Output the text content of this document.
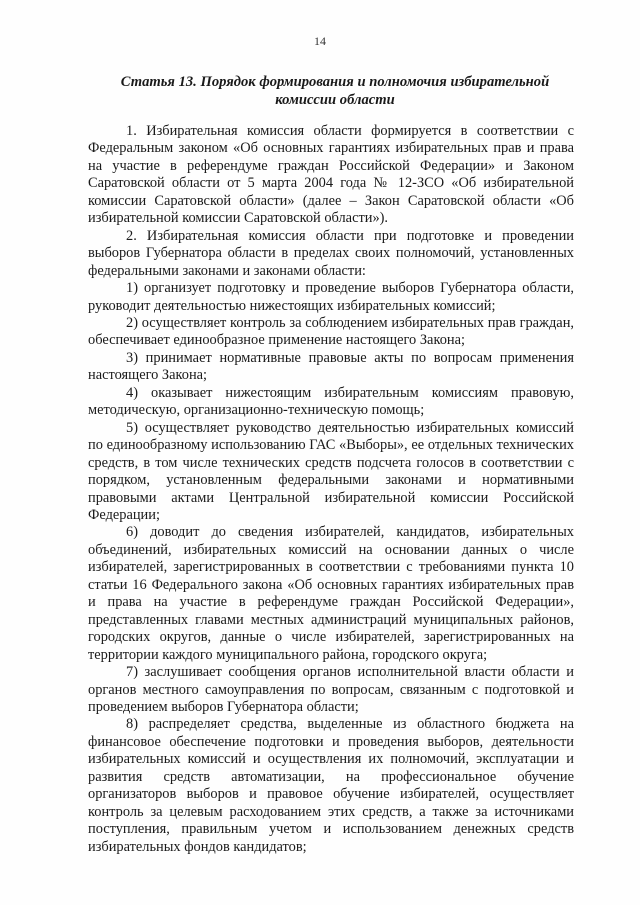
14
Статья 13. Порядок формирования и полномочия избирательной комиссии области

1. Избирательная комиссия области формируется в соответствии с Федеральным законом «Об основных гарантиях избирательных прав и права на участие в референдуме граждан Российской Федерации» и Законом Саратовской области от 5 марта 2004 года № 12-ЗСО «Об избирательной комиссии Саратовской области» (далее – Закон Саратовской области «Об избирательной комиссии Саратовской области»).

2. Избирательная комиссия области при подготовке и проведении выборов Губернатора области в пределах своих полномочий, установленных федеральными законами и законами области:

1) организует подготовку и проведение выборов Губернатора области, руководит деятельностью нижестоящих избирательных комиссий;

2) осуществляет контроль за соблюдением избирательных прав граждан, обеспечивает единообразное применение настоящего Закона;

3) принимает нормативные правовые акты по вопросам применения настоящего Закона;

4) оказывает нижестоящим избирательным комиссиям правовую, методическую, организационно-техническую помощь;

5) осуществляет руководство деятельностью избирательных комиссий по единообразному использованию ГАС «Выборы», ее отдельных технических средств, в том числе технических средств подсчета голосов в соответствии с порядком, установленным федеральными законами и нормативными правовыми актами Центральной избирательной комиссии Российской Федерации;

6) доводит до сведения избирателей, кандидатов, избирательных объединений, избирательных комиссий на основании данных о числе избирателей, зарегистрированных в соответствии с требованиями пункта 10 статьи 16 Федерального закона «Об основных гарантиях избирательных прав и права на участие в референдуме граждан Российской Федерации», представленных главами местных администраций муниципальных районов, городских округов, данные о числе избирателей, зарегистрированных на территории каждого муниципального района, городского округа;

7) заслушивает сообщения органов исполнительной власти области и органов местного самоуправления по вопросам, связанным с подготовкой и проведением выборов Губернатора области;

8) распределяет средства, выделенные из областного бюджета на финансовое обеспечение подготовки и проведения выборов, деятельности избирательных комиссий и осуществления их полномочий, эксплуатации и развития средств автоматизации, на профессиональное обучение организаторов выборов и правовое обучение избирателей, осуществляет контроль за целевым расходованием этих средств, а также за источниками поступления, правильным учетом и использованием денежных средств избирательных фондов кандидатов;
